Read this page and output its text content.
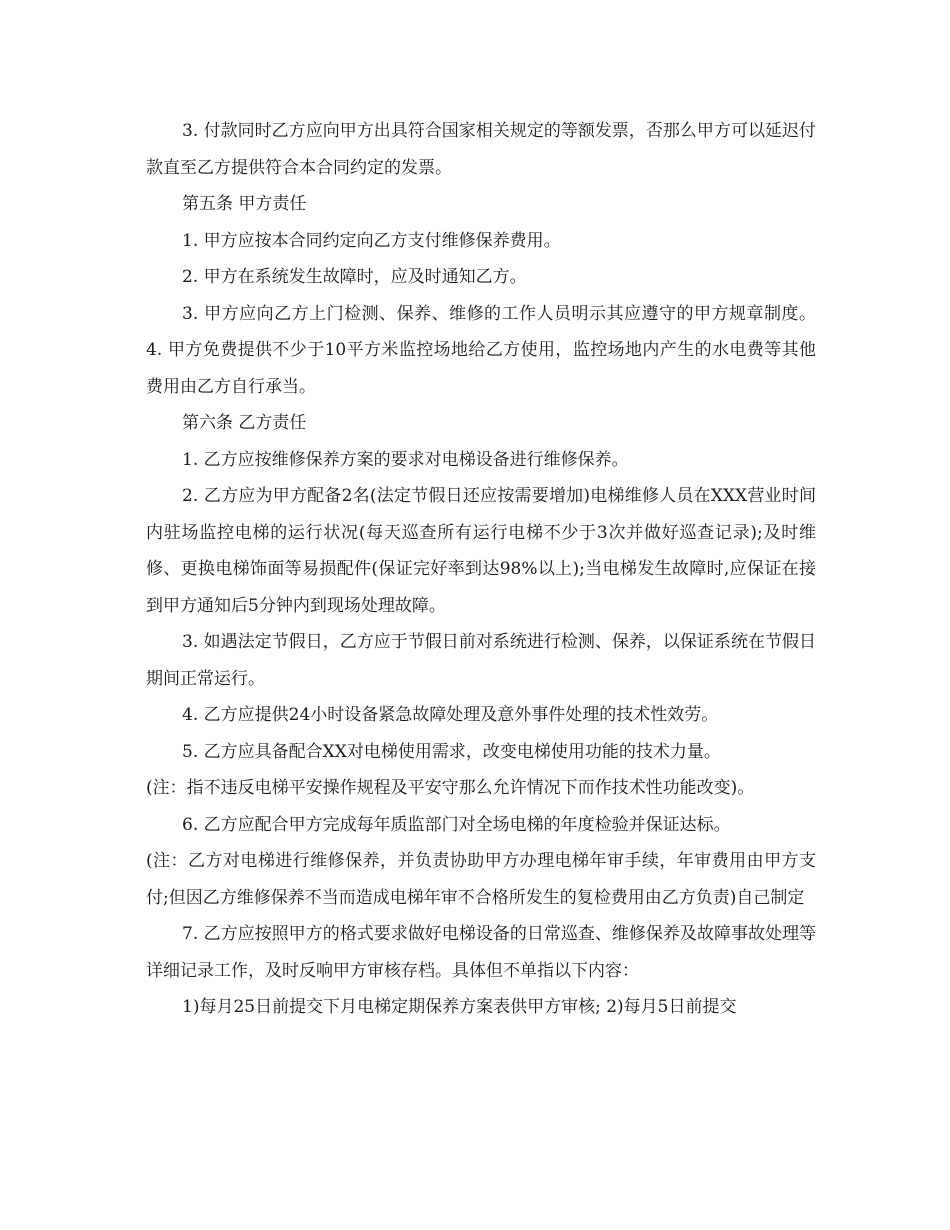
3. 付款同时乙方应向甲方出具符合国家相关规定的等额发票，否那么甲方可以延迟付款直至乙方提供符合本合同约定的发票。

第五条 甲方责任

1. 甲方应按本合同约定向乙方支付维修保养费用。

2. 甲方在系统发生故障时，应及时通知乙方。

3. 甲方应向乙方上门检测、保养、维修的工作人员明示其应遵守的甲方规章制度。 4. 甲方免费提供不少于10平方米监控场地给乙方使用，监控场地内产生的水电费等其他费用由乙方自行承当。

第六条 乙方责任

1. 乙方应按维修保养方案的要求对电梯设备进行维修保养。

2. 乙方应为甲方配备2名(法定节假日还应按需要增加)电梯维修人员在XXX营业时间内驻场监控电梯的运行状况(每天巡查所有运行电梯不少于3次并做好巡查记录);及时维修、更换电梯饰面等易损配件(保证完好率到达98%以上);当电梯发生故障时,应保证在接到甲方通知后5分钟内到现场处理故障。

3. 如遇法定节假日，乙方应于节假日前对系统进行检测、保养，以保证系统在节假日期间正常运行。

4. 乙方应提供24小时设备紧急故障处理及意外事件处理的技术性效劳。

5. 乙方应具备配合XX对电梯使用需求，改变电梯使用功能的技术力量。

(注：指不违反电梯平安操作规程及平安守那么允许情况下而作技术性功能改变)。

6. 乙方应配合甲方完成每年质监部门对全场电梯的年度检验并保证达标。

(注：乙方对电梯进行维修保养，并负责协助甲方办理电梯年审手续，年审费用由甲方支付;但因乙方维修保养不当而造成电梯年审不合格所发生的复检费用由乙方负责)自己制定

7. 乙方应按照甲方的格式要求做好电梯设备的日常巡查、维修保养及故障事故处理等详细记录工作，及时反响甲方审核存档。具体但不单指以下内容：

1)每月25日前提交下月电梯定期保养方案表供甲方审核; 2)每月5日前提交
